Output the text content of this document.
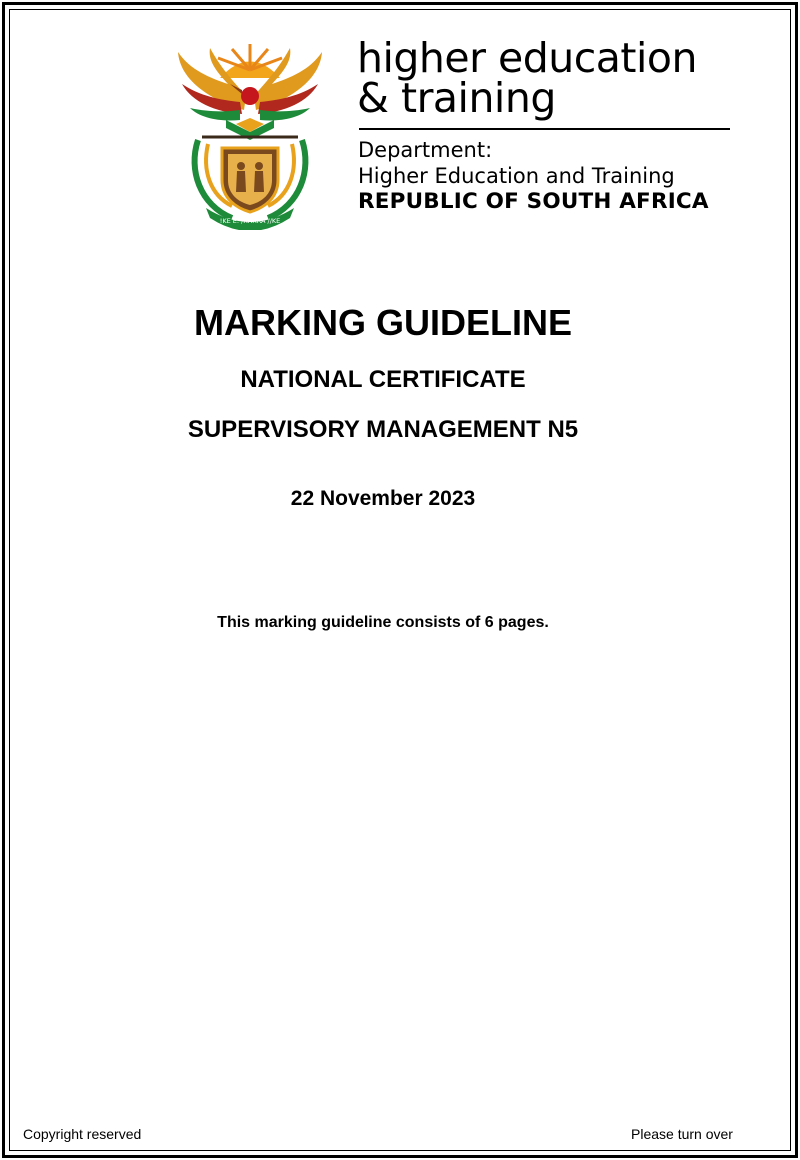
!KE E: /XARRA //KE
higher education
& training
Department:
Higher Education and Training
REPUBLIC OF SOUTH AFRICA
MARKING GUIDELINE
NATIONAL CERTIFICATE
SUPERVISORY MANAGEMENT N5
22 November 2023
This marking guideline consists of 6 pages.
Copyright reserved	Please turn over
